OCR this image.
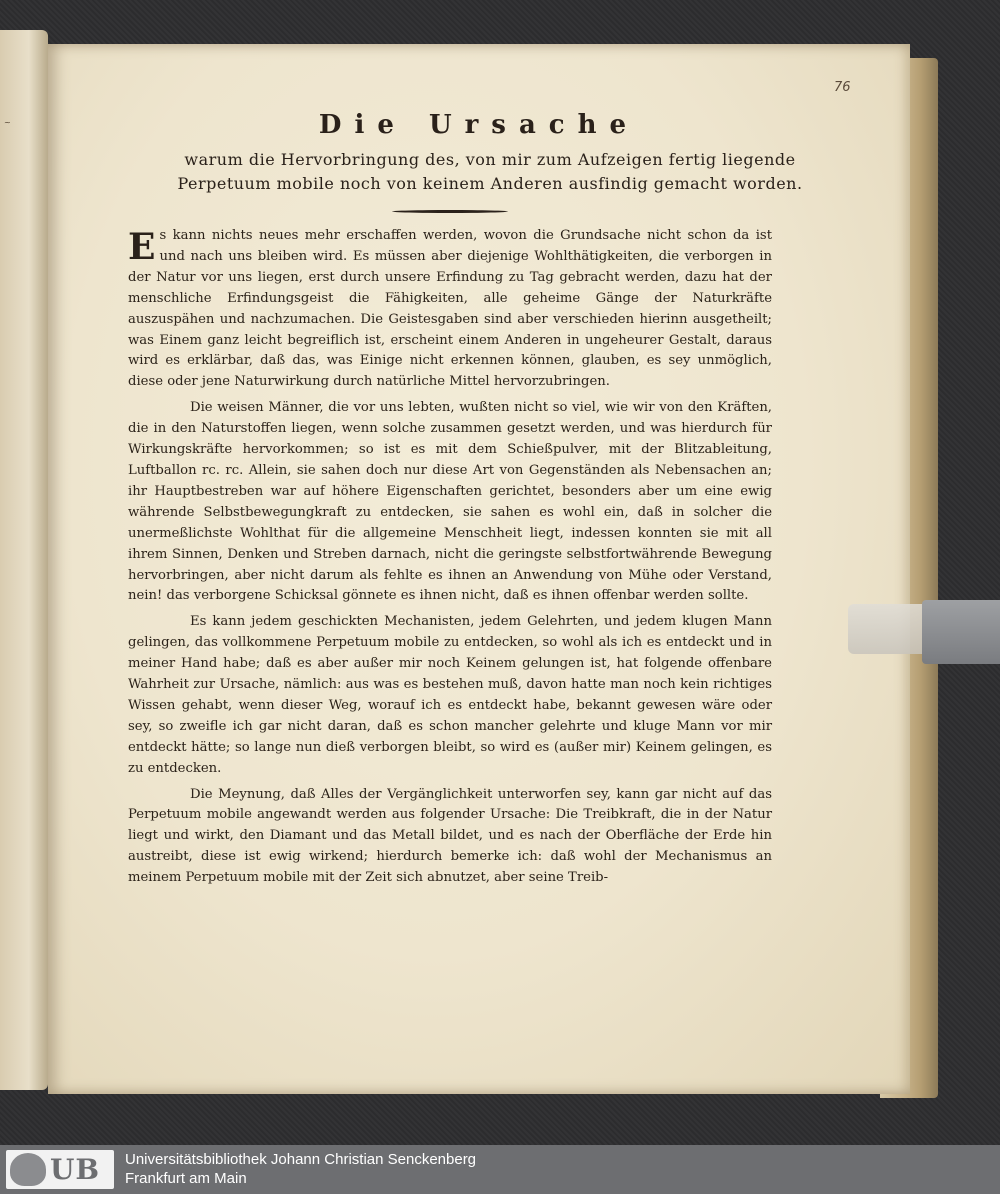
~
76
Die Ursache
warum die Hervorbringung des, von mir zum Aufzeigen fertig liegende
Perpetuum mobile noch von keinem Anderen ausfindig gemacht worden.

Es kann nichts neues mehr erschaffen werden, wovon die Grundsache nicht schon da ist und nach uns bleiben wird. Es müssen aber diejenige Wohlthätigkeiten, die verborgen in der Natur vor uns liegen, erst durch unsere Erfindung zu Tag gebracht werden, dazu hat der menschliche Erfindungsgeist die Fähigkeiten, alle geheime Gänge der Naturkräfte auszuspähen und nachzumachen. Die Geistesgaben sind aber verschieden hierinn ausgetheilt; was Einem ganz leicht begreiflich ist, erscheint einem Anderen in ungeheurer Gestalt, daraus wird es erklärbar, daß das, was Einige nicht erkennen können, glauben, es sey unmöglich, diese oder jene Naturwirkung durch natürliche Mittel hervorzubringen.

Die weisen Männer, die vor uns lebten, wußten nicht so viel, wie wir von den Kräften, die in den Naturstoffen liegen, wenn solche zusammen gesetzt werden, und was hierdurch für Wirkungskräfte hervorkommen; so ist es mit dem Schießpulver, mit der Blitzableitung, Luftballon rc. rc. Allein, sie sahen doch nur diese Art von Gegenständen als Nebensachen an; ihr Hauptbestreben war auf höhere Eigenschaften gerichtet, besonders aber um eine ewig währende Selbstbewegungkraft zu entdecken, sie sahen es wohl ein, daß in solcher die unermeßlichste Wohlthat für die allgemeine Menschheit liegt, indessen konnten sie mit all ihrem Sinnen, Denken und Streben darnach, nicht die geringste selbstfortwährende Bewegung hervorbringen, aber nicht darum als fehlte es ihnen an Anwendung von Mühe oder Verstand, nein! das verborgene Schicksal gönnete es ihnen nicht, daß es ihnen offenbar werden sollte.

Es kann jedem geschickten Mechanisten, jedem Gelehrten, und jedem klugen Mann gelingen, das vollkommene Perpetuum mobile zu entdecken, so wohl als ich es entdeckt und in meiner Hand habe; daß es aber außer mir noch Keinem gelungen ist, hat folgende offenbare Wahrheit zur Ursache, nämlich: aus was es bestehen muß, davon hatte man noch kein richtiges Wissen gehabt, wenn dieser Weg, worauf ich es entdeckt habe, bekannt gewesen wäre oder sey, so zweifle ich gar nicht daran, daß es schon mancher gelehrte und kluge Mann vor mir entdeckt hätte; so lange nun dieß verborgen bleibt, so wird es (außer mir) Keinem gelingen, es zu entdecken.

Die Meynung, daß Alles der Vergänglichkeit unterworfen sey, kann gar nicht auf das Perpetuum mobile angewandt werden aus folgender Ursache: Die Treibkraft, die in der Natur liegt und wirkt, den Diamant und das Metall bildet, und es nach der Oberfläche der Erde hin austreibt, diese ist ewig wirkend; hierdurch bemerke ich: daß wohl der Mechanismus an meinem Perpetuum mobile mit der Zeit sich abnutzet, aber seine Treib-

UB Universitätsbibliothek Johann Christian Senckenberg
Frankfurt am Main
